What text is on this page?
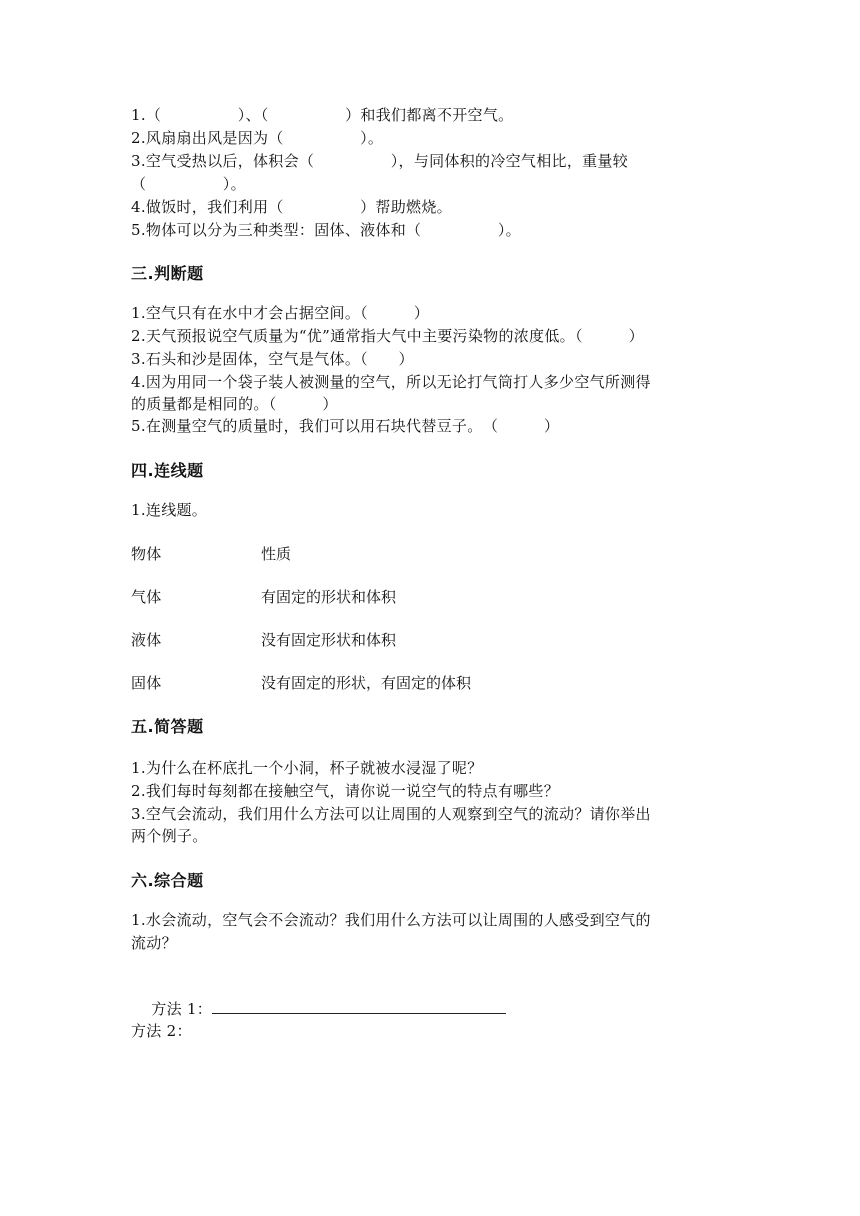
1.（　　　　　）、（　　　　　）和我们都离不开空气。
2.风扇扇出风是因为（　　　　　）。
3.空气受热以后，体积会（　　　　　），与同体积的冷空气相比，重量较
（　　　　　）。
4.做饭时，我们利用（　　　　　）帮助燃烧。
5.物体可以分为三种类型：固体、液体和（　　　　　）。
三.判断题
1.空气只有在水中才会占据空间。（　　　）
2.天气预报说空气质量为“优”通常指大气中主要污染物的浓度低。（　　　）
3.石头和沙是固体，空气是气体。（　　）
4.因为用同一个袋子装人被测量的空气，所以无论打气筒打人多少空气所测得
的质量都是相同的。（　　　）
5.在测量空气的质量时，我们可以用石块代替豆子。　（　　　）
四.连线题
1.连线题。
物体	性质
气体	有固定的形状和体积
液体	没有固定形状和体积
固体	没有固定的形状，有固定的体积
五.简答题
1.为什么在杯底扎一个小洞，杯子就被水浸湿了呢？
2.我们每时每刻都在接触空气，请你说一说空气的特点有哪些？
3.空气会流动，我们用什么方法可以让周围的人观察到空气的流动？请你举出
两个例子。
六.综合题
1.水会流动，空气会不会流动？我们用什么方法可以让周围的人感受到空气的
流动？

方法 1：

方法 2：
